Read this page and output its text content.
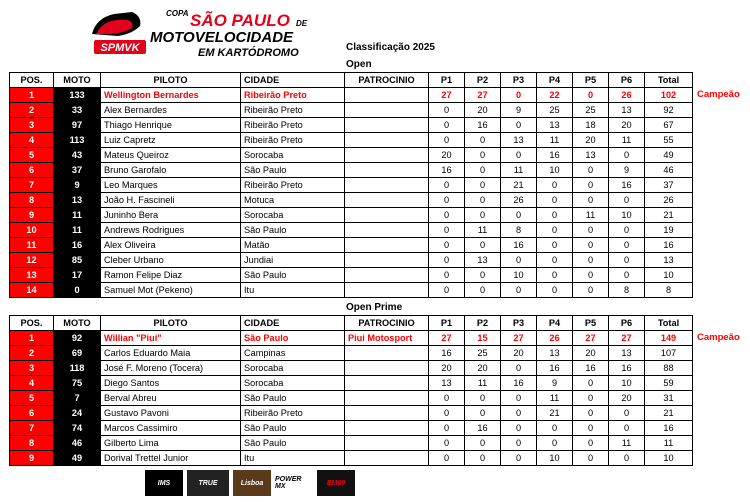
SPMVK
COPA SÃO PAULO DE
MOTOVELOCIDADE
EM KARTÓDROMO	Classificação 2025
Open
POS.	MOTO	PILOTO	CIDADE	PATROCINIO	P1	P2	P3	P4	P5	P6	Total
1	133	Wellington Bernardes	Ribeirão Preto		27	27	0	22	0	26	102
2	33	Alex Bernardes	Ribeirão Preto		0	20	9	25	25	13	92
3	97	Thiago Henrique	Ribeirão Preto		0	16	0	13	18	20	67
4	113	Luiz Capretz	Ribeirão Preto		0	0	13	11	20	11	55
5	43	Mateus Queiroz	Sorocaba		20	0	0	16	13	0	49
6	37	Bruno Garofalo	São Paulo		16	0	11	10	0	9	46
7	9	Leo Marques	Ribeirão Preto		0	0	21	0	0	16	37
8	13	João H. Fascineli	Motuca		0	0	26	0	0	0	26
9	11	Juninho Bera	Sorocaba		0	0	0	0	11	10	21
10	11	Andrews Rodrigues	São Paulo		0	11	8	0	0	0	19
11	16	Alex Oliveira	Matão		0	0	16	0	0	0	16
12	85	Cleber Urbano	Jundiai		0	13	0	0	0	0	13
13	17	Ramon Felipe Diaz	São Paulo		0	0	10	0	0	0	10
14	0	Samuel Mot (Pekeno)	Itu		0	0	0	0	0	8	8
Campeão
Open Prime
POS.	MOTO	PILOTO	CIDADE	PATROCINIO	P1	P2	P3	P4	P5	P6	Total
1	92	Willian "Piui"	São Paulo	Piui Motosport	27	15	27	26	27	27	149
2	69	Carlos Eduardo Maia	Campinas		16	25	20	13	20	13	107
3	118	José F. Moreno (Tocera)	Sorocaba		20	20	0	16	16	16	88
4	75	Diego Santos	Sorocaba		13	11	16	9	0	10	59
5	7	Berval Abreu	São Paulo		0	0	0	11	0	20	31
6	24	Gustavo Pavoni	Ribeirão Preto		0	0	0	21	0	0	21
7	74	Marcos Cassimiro	São Paulo		0	16	0	0	0	0	16
8	46	Gilberto Lima	São Paulo		0	0	0	0	0	11	11
9	49	Dorival Trettel Junior	Itu		0	0	0	10	0	0	10
Campeão
IMS	TRUE	Lisboa	POWER MX	EM69
